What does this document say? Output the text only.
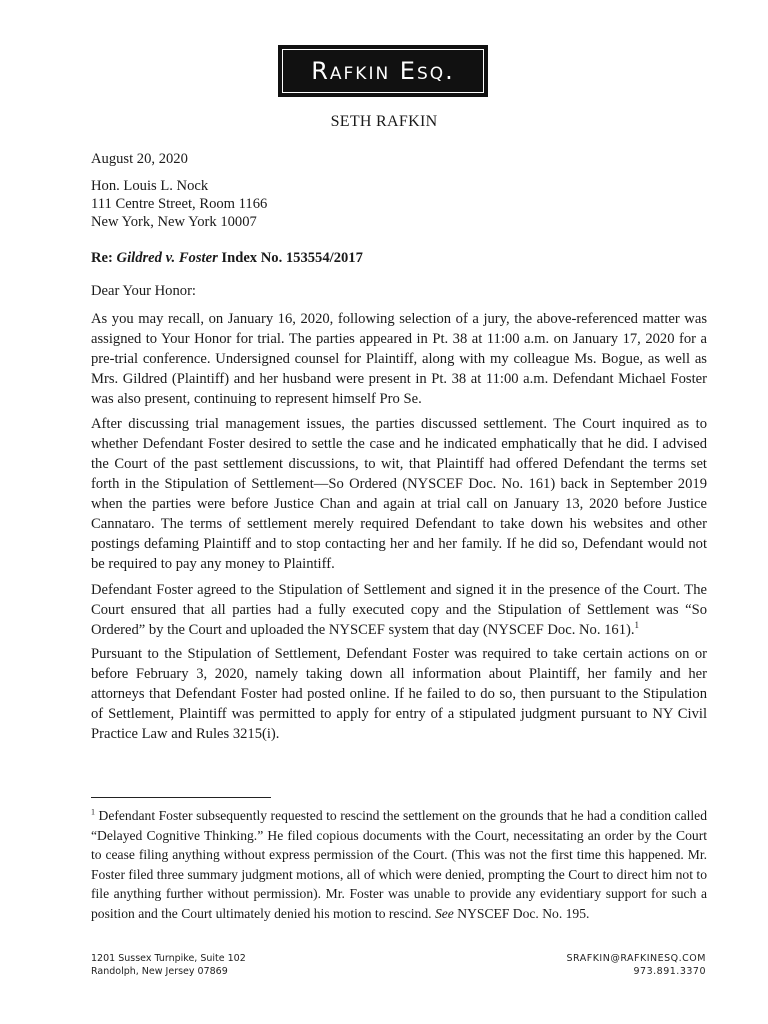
Rafkin Esq.
SETH RAFKIN
August 20, 2020
Hon. Louis L. Nock
111 Centre Street, Room 1166
New York, New York 10007
Re: Gildred v. Foster Index No. 153554/2017
Dear Your Honor:
As you may recall, on January 16, 2020, following selection of a jury, the above-referenced matter was assigned to Your Honor for trial. The parties appeared in Pt. 38 at 11:00 a.m. on January 17, 2020 for a pre-trial conference. Undersigned counsel for Plaintiff, along with my colleague Ms. Bogue, as well as Mrs. Gildred (Plaintiff) and her husband were present in Pt. 38 at 11:00 a.m. Defendant Michael Foster was also present, continuing to represent himself Pro Se.
After discussing trial management issues, the parties discussed settlement. The Court inquired as to whether Defendant Foster desired to settle the case and he indicated emphatically that he did. I advised the Court of the past settlement discussions, to wit, that Plaintiff had offered Defendant the terms set forth in the Stipulation of Settlement—So Ordered (NYSCEF Doc. No. 161) back in September 2019 when the parties were before Justice Chan and again at trial call on January 13, 2020 before Justice Cannataro. The terms of settlement merely required Defendant to take down his websites and other postings defaming Plaintiff and to stop contacting her and her family. If he did so, Defendant would not be required to pay any money to Plaintiff.
Defendant Foster agreed to the Stipulation of Settlement and signed it in the presence of the Court. The Court ensured that all parties had a fully executed copy and the Stipulation of Settlement was “So Ordered” by the Court and uploaded the NYSCEF system that day (NYSCEF Doc. No. 161).$^1$
Pursuant to the Stipulation of Settlement, Defendant Foster was required to take certain actions on or before February 3, 2020, namely taking down all information about Plaintiff, her family and her attorneys that Defendant Foster had posted online. If he failed to do so, then pursuant to the Stipulation of Settlement, Plaintiff was permitted to apply for entry of a stipulated judgment pursuant to NY Civil Practice Law and Rules 3215(i).
$^1$ Defendant Foster subsequently requested to rescind the settlement on the grounds that he had a condition called “Delayed Cognitive Thinking.” He filed copious documents with the Court, necessitating an order by the Court to cease filing anything without express permission of the Court. (This was not the first time this happened. Mr. Foster filed three summary judgment motions, all of which were denied, prompting the Court to direct him not to file anything further without permission). Mr. Foster was unable to provide any evidentiary support for such a position and the Court ultimately denied his motion to rescind. See NYSCEF Doc. No. 195.
1201 Sussex Turnpike, Suite 102
Randolph, New Jersey 07869
SRAFKIN@RAFKINESQ.COM
973.891.3370
